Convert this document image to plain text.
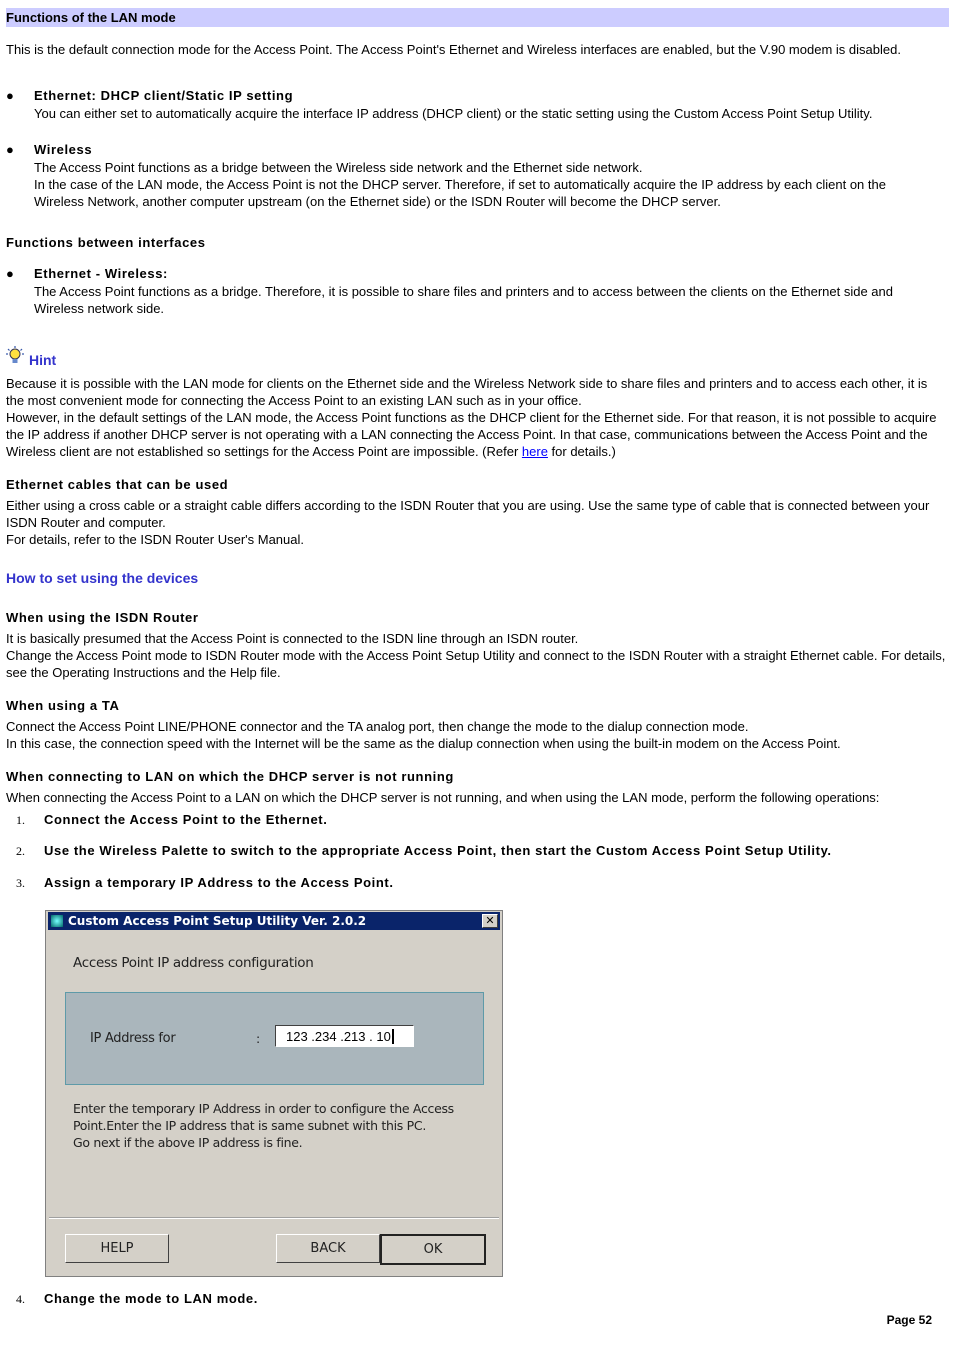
Functions of the LAN mode
This is the default connection mode for the Access Point. The Access Point's Ethernet and Wireless interfaces are enabled, but the V.90 modem is disabled.
● Ethernet: DHCP client/Static IP setting
You can either set to automatically acquire the interface IP address (DHCP client) or the static setting using the Custom Access Point Setup Utility.
● Wireless
The Access Point functions as a bridge between the Wireless side network and the Ethernet side network.
In the case of the LAN mode, the Access Point is not the DHCP server. Therefore, if set to automatically acquire the IP address by each client on the
Wireless Network, another computer upstream (on the Ethernet side) or the ISDN Router will become the DHCP server.
Functions between interfaces
● Ethernet - Wireless:
The Access Point functions as a bridge. Therefore, it is possible to share files and printers and to access between the clients on the Ethernet side and
Wireless network side.
Hint
Because it is possible with the LAN mode for clients on the Ethernet side and the Wireless Network side to share files and printers and to access each other, it is
the most convenient mode for connecting the Access Point to an existing LAN such as in your office.
However, in the default settings of the LAN mode, the Access Point functions as the DHCP client for the Ethernet side. For that reason, it is not possible to acquire
the IP address if another DHCP server is not operating with a LAN connecting the Access Point. In that case, communications between the Access Point and the
Wireless client are not established so settings for the Access Point are impossible. (Refer here for details.)
Ethernet cables that can be used
Either using a cross cable or a straight cable differs according to the ISDN Router that you are using. Use the same type of cable that is connected between your
ISDN Router and computer.
For details, refer to the ISDN Router User's Manual.
How to set using the devices
When using the ISDN Router
It is basically presumed that the Access Point is connected to the ISDN line through an ISDN router.
Change the Access Point mode to ISDN Router mode with the Access Point Setup Utility and connect to the ISDN Router with a straight Ethernet cable. For details,
see the Operating Instructions and the Help file.
When using a TA
Connect the Access Point LINE/PHONE connector and the TA analog port, then change the mode to the dialup connection mode.
In this case, the connection speed with the Internet will be the same as the dialup connection when using the built-in modem on the Access Point.
When connecting to LAN on which the DHCP server is not running
When connecting the Access Point to a LAN on which the DHCP server is not running, and when using the LAN mode, perform the following operations:
1. Connect the Access Point to the Ethernet.
2. Use the Wireless Palette to switch to the appropriate Access Point, then start the Custom Access Point Setup Utility.
3. Assign a temporary IP Address to the Access Point.
Custom Access Point Setup Utility Ver. 2.0.2	✕
Access Point IP address configuration
IP Address for	:	123 .234 .213 . 10
Enter the temporary IP Address in order to configure the Access
Point.Enter the IP address that is same subnet with this PC.
Go next if the above IP address is fine.
HELP	BACK	OK
4. Change the mode to LAN mode.
Page 52
